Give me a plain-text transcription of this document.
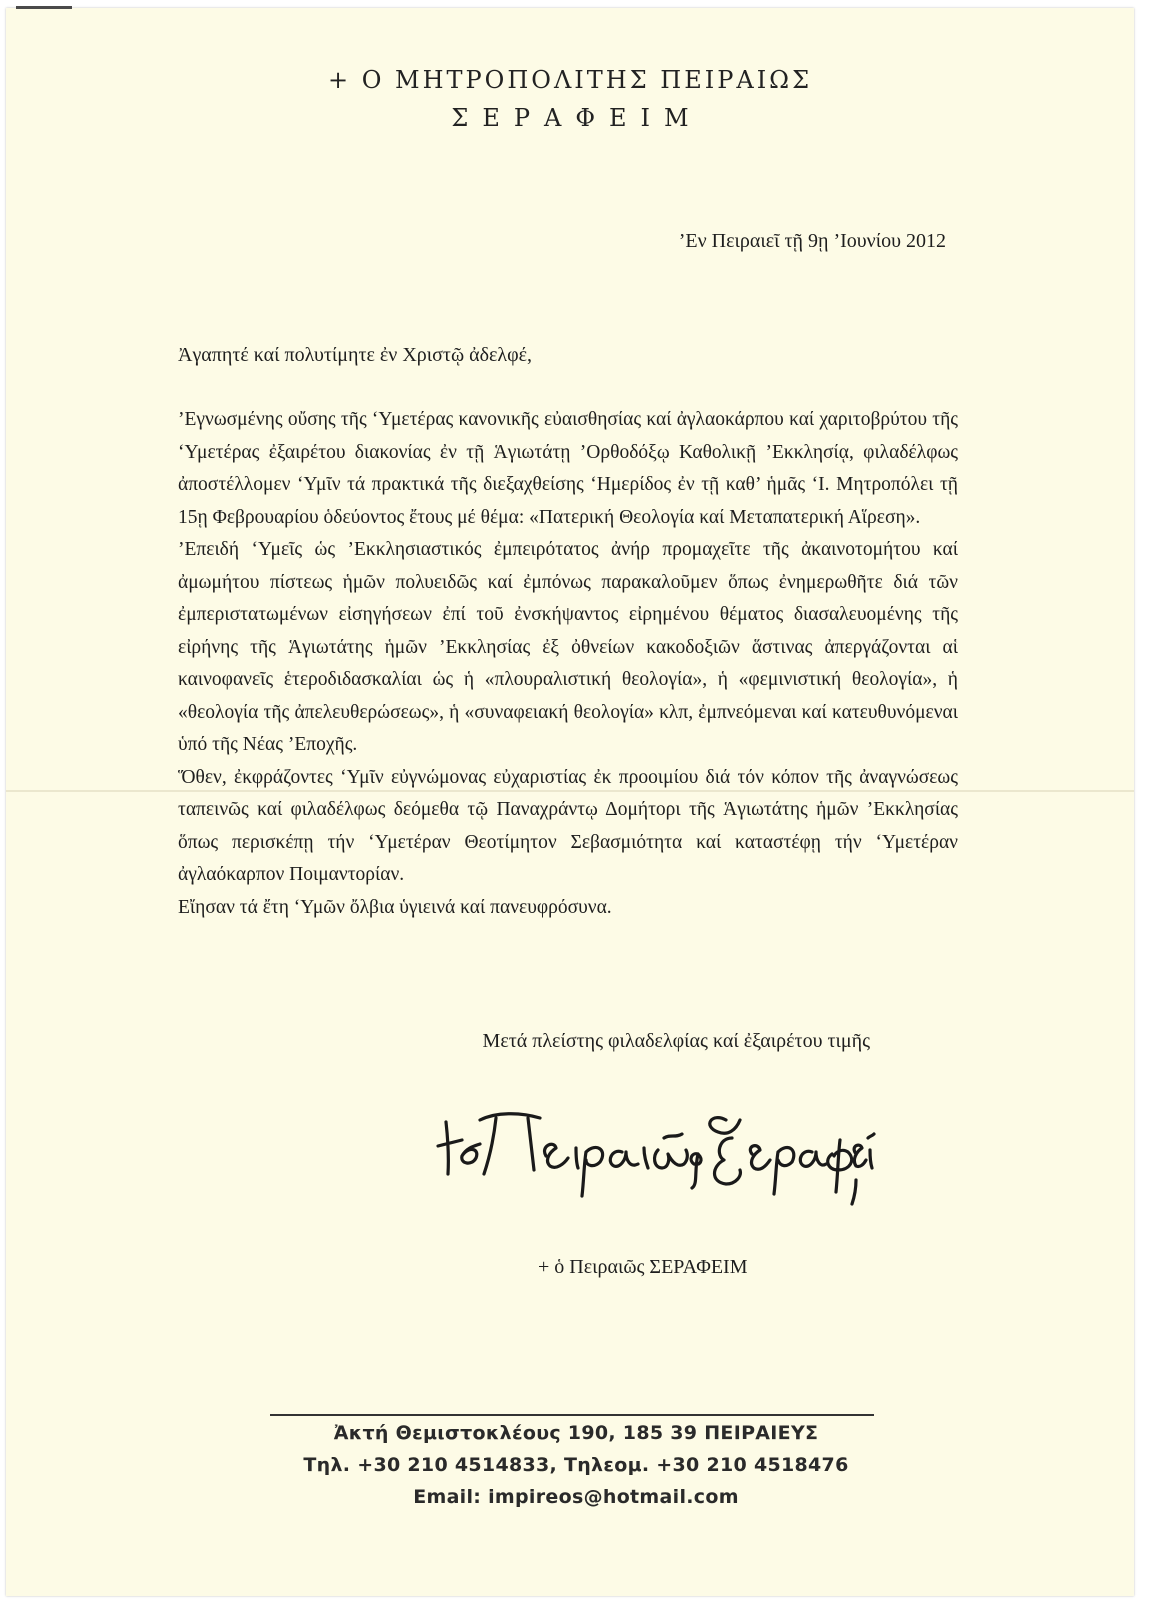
+ Ο ΜΗΤΡΟΠΟΛΙΤΗΣ ΠΕΙΡΑΙΩΣ
ΣΕΡΑΦΕΙΜ
’Εν Πειραιεῖ τῇ 9ῃ ’Ιουνίου 2012
Ἀγαπητέ καί πολυτίμητε ἐν Χριστῷ ἀδελφέ,

’Εγνωσμένης οὔσης τῆς ‘Υμετέρας κανονικῆς εὐαισθησίας καί ἀγλαοκάρπου καί χαριτοβρύτου τῆς ‘Υμετέρας ἐξαιρέτου διακονίας ἐν τῇ Ἁγιωτάτῃ ’Ορθοδόξῳ Καθολικῇ ’Εκκλησίᾳ, φιλαδέλφως ἀποστέλλομεν ‘Υμῖν τά πρακτικά τῆς διεξαχθείσης ‘Ημερίδος ἐν τῇ καθ’ ἡμᾶς ‘Ι. Μητροπόλει τῇ 15ῃ Φεβρουαρίου ὁδεύοντος ἔτους μέ θέμα: «Πατερική Θεολογία καί Μεταπατερική Αἵρεση».

’Επειδή ‘Υμεῖς ὡς ’Εκκλησιαστικός ἐμπειρότατος ἀνήρ προμαχεῖτε τῆς ἀκαινοτομήτου καί ἀμωμήτου πίστεως ἡμῶν πολυειδῶς καί ἐμπόνως παρακαλοῦμεν ὅπως ἐνημερωθῆτε διά τῶν ἐμπεριστατωμένων εἰσηγήσεων ἐπί τοῦ ἐνσκήψαντος εἰρημένου θέματος διασαλευομένης τῆς εἰρήνης τῆς Ἁγιωτάτης ἡμῶν ’Εκκλησίας ἐξ ὀθνείων κακοδοξιῶν ἅστινας ἀπεργάζονται αἱ καινοφανεῖς ἑτεροδιδασκαλίαι ὡς ἡ «πλουραλιστική θεολογία», ἡ «φεμινιστική θεολογία», ἡ «θεολογία τῆς ἀπελευθερώσεως», ἡ «συναφειακή θεολογία» κλπ, ἐμπνεόμεναι καί κατευθυνόμεναι ὑπό τῆς Νέας ’Εποχῆς.

Ὅθεν, ἐκφράζοντες ‘Υμῖν εὐγνώμονας εὐχαριστίας ἐκ προοιμίου διά τόν κόπον τῆς ἀναγνώσεως ταπεινῶς καί φιλαδέλφως δεόμεθα τῷ Παναχράντῳ Δομήτορι τῆς Ἁγιωτάτης ἡμῶν ’Εκκλησίας ὅπως περισκέπῃ τήν ‘Υμετέραν Θεοτίμητον Σεβασμιότητα καί καταστέφῃ τήν ‘Υμετέραν ἀγλαόκαρπον Ποιμαντορίαν.

Εἴησαν τά ἔτη ‘Υμῶν ὄλβια ὑγιεινά καί πανευφρόσυνα.

Μετά πλείστης φιλαδελφίας καί ἐξαιρέτου τιμῆς
+ ὁ Πειραιῶς ΣΕΡΑΦΕΙΜ
Ἀκτή Θεμιστοκλέους 190, 185 39 ΠΕΙΡΑΙΕΥΣ
Τηλ. +30 210 4514833, Τηλεομ. +30 210 4518476
Email: impireos@hotmail.com
